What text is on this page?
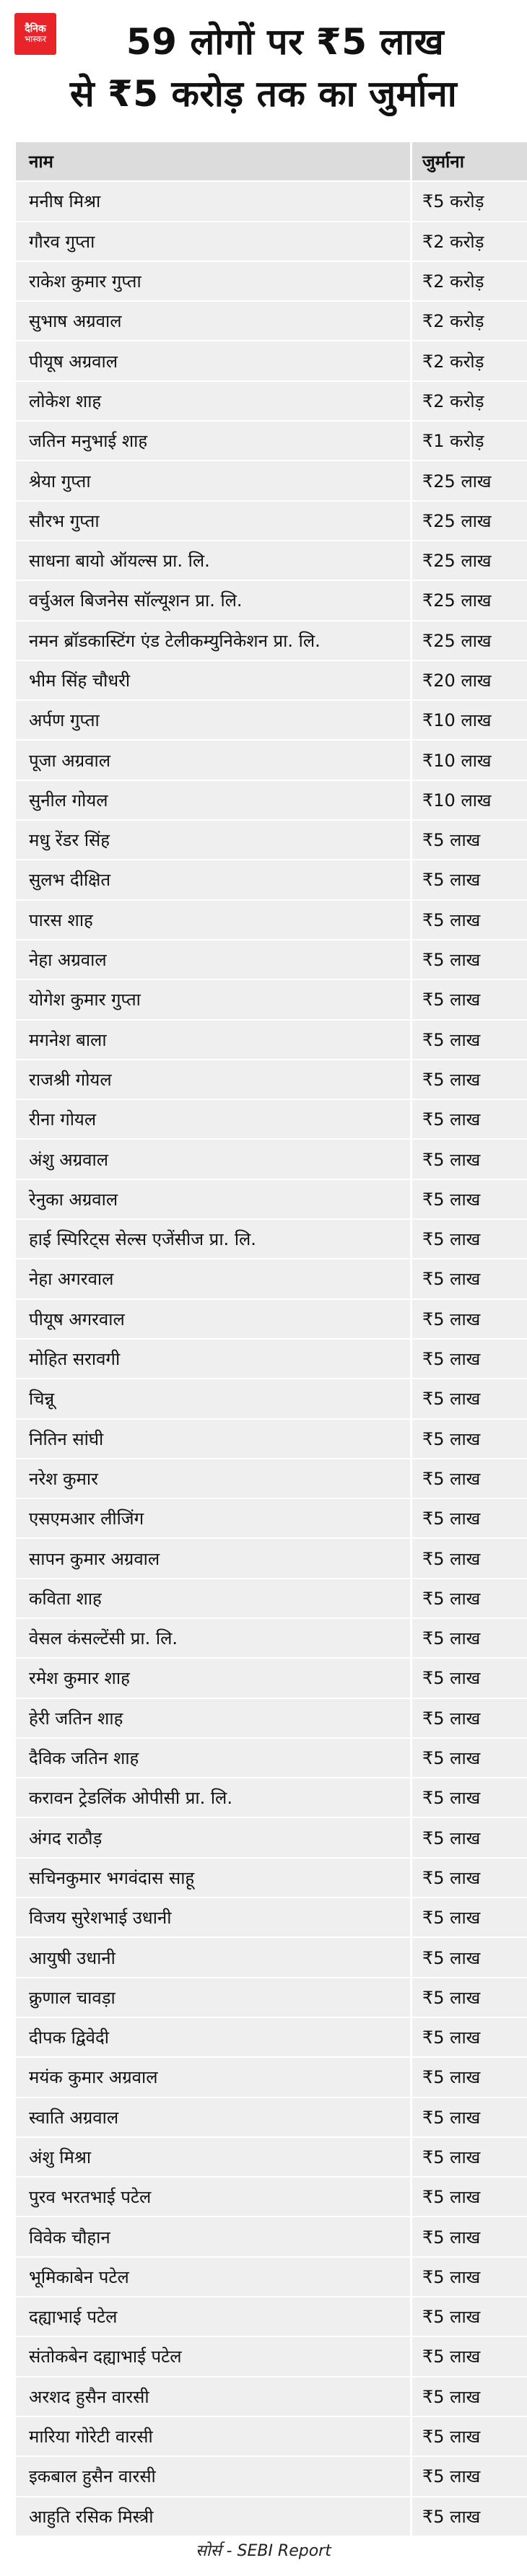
दैनिक
भास्कर	59 लोगों पर ₹5 लाख
से ₹5 करोड़ तक का जुर्माना
नाम	जुर्माना
मनीष मिश्रा	₹5 करोड़
गौरव गुप्ता	₹2 करोड़
राकेश कुमार गुप्ता	₹2 करोड़
सुभाष अग्रवाल	₹2 करोड़
पीयूष अग्रवाल	₹2 करोड़
लोकेश शाह	₹2 करोड़
जतिन मनुभाई शाह	₹1 करोड़
श्रेया गुप्ता	₹25 लाख
सौरभ गुप्ता	₹25 लाख
साधना बायो ऑयल्स प्रा. लि.	₹25 लाख
वर्चुअल बिजनेस सॉल्यूशन प्रा. लि.	₹25 लाख
नमन ब्रॉडकास्टिंग एंड टेलीकम्युनिकेशन प्रा. लि.	₹25 लाख
भीम सिंह चौधरी	₹20 लाख
अर्पण गुप्ता	₹10 लाख
पूजा अग्रवाल	₹10 लाख
सुनील गोयल	₹10 लाख
मधु रेंडर सिंह	₹5 लाख
सुलभ दीक्षित	₹5 लाख
पारस शाह	₹5 लाख
नेहा अग्रवाल	₹5 लाख
योगेश कुमार गुप्ता	₹5 लाख
मगनेश बाला	₹5 लाख
राजश्री गोयल	₹5 लाख
रीना गोयल	₹5 लाख
अंशु अग्रवाल	₹5 लाख
रेनुका अग्रवाल	₹5 लाख
हाई स्पिरिट्स सेल्स एजेंसीज प्रा. लि.	₹5 लाख
नेहा अगरवाल	₹5 लाख
पीयूष अगरवाल	₹5 लाख
मोहित सरावगी	₹5 लाख
चिन्नू	₹5 लाख
नितिन सांघी	₹5 लाख
नरेश कुमार	₹5 लाख
एसएमआर लीजिंग	₹5 लाख
सापन कुमार अग्रवाल	₹5 लाख
कविता शाह	₹5 लाख
वेसल कंसल्टेंसी प्रा. लि.	₹5 लाख
रमेश कुमार शाह	₹5 लाख
हेरी जतिन शाह	₹5 लाख
दैविक जतिन शाह	₹5 लाख
करावन ट्रेडलिंक ओपीसी प्रा. लि.	₹5 लाख
अंगद राठौड़	₹5 लाख
सचिनकुमार भगवंदास साहू	₹5 लाख
विजय सुरेशभाई उधानी	₹5 लाख
आयुषी उधानी	₹5 लाख
क्रुणाल चावड़ा	₹5 लाख
दीपक द्विवेदी	₹5 लाख
मयंक कुमार अग्रवाल	₹5 लाख
स्वाति अग्रवाल	₹5 लाख
अंशु मिश्रा	₹5 लाख
पुरव भरतभाई पटेल	₹5 लाख
विवेक चौहान	₹5 लाख
भूमिकाबेन पटेल	₹5 लाख
दह्याभाई पटेल	₹5 लाख
संतोकबेन दह्याभाई पटेल	₹5 लाख
अरशद हुसैन वारसी	₹5 लाख
मारिया गोरेटी वारसी	₹5 लाख
इकबाल हुसैन वारसी	₹5 लाख
आहुति रसिक मिस्त्री	₹5 लाख
सोर्स - SEBI Report
